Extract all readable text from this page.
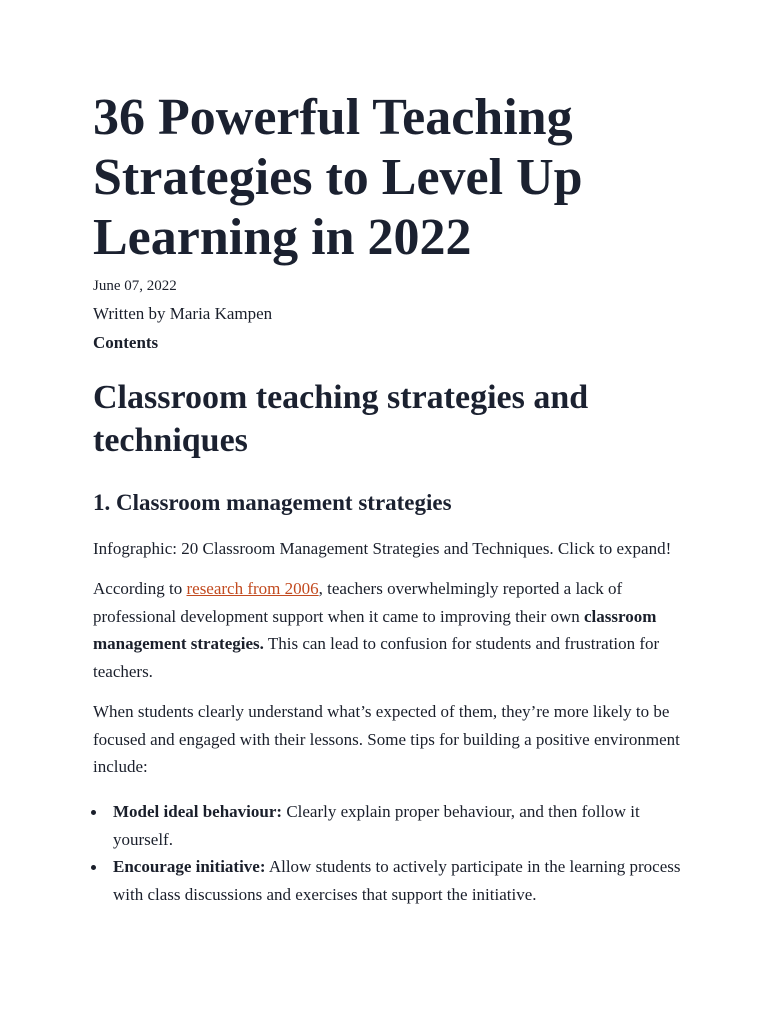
36 Powerful Teaching Strategies to Level Up Learning in 2022

June 07, 2022

Written by Maria Kampen

Contents

Classroom teaching strategies and techniques
1. Classroom management strategies

Infographic: 20 Classroom Management Strategies and Techniques. Click to expand!

According to research from 2006, teachers overwhelmingly reported a lack of professional development support when it came to improving their own classroom management strategies. This can lead to confusion for students and frustration for teachers.

When students clearly understand what’s expected of them, they’re more likely to be focused and engaged with their lessons. Some tips for building a positive environment include:

Model ideal behaviour: Clearly explain proper behaviour, and then follow it yourself.
Encourage initiative: Allow students to actively participate in the learning process with class discussions and exercises that support the initiative.
